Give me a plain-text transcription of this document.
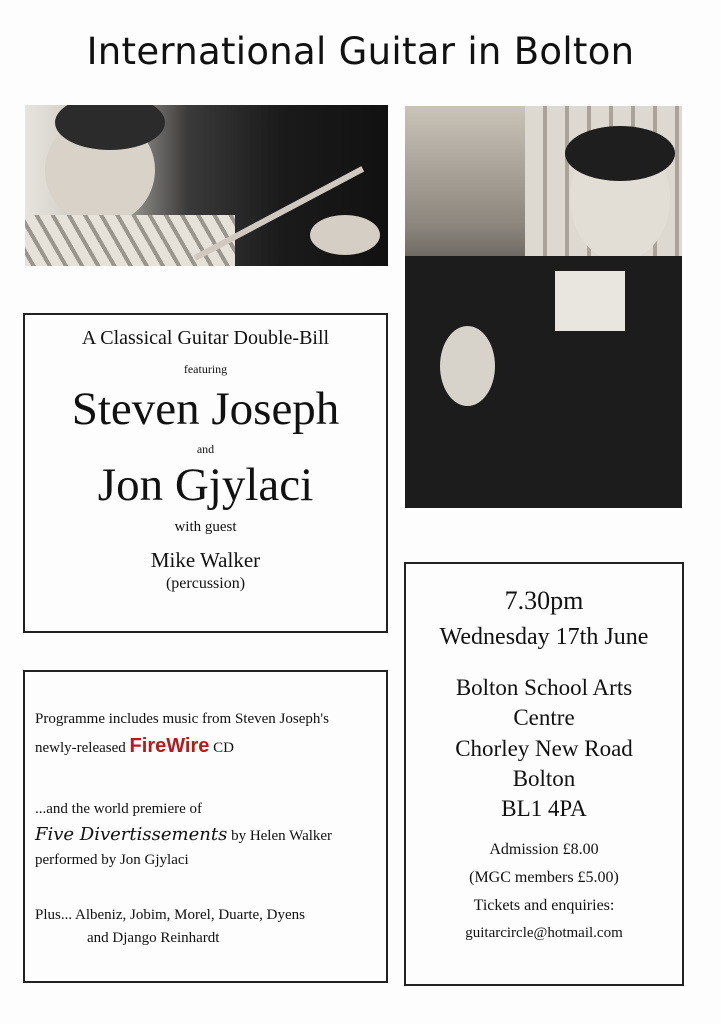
International Guitar in Bolton
A Classical Guitar Double-Bill
featuring
Steven Joseph
and
Jon Gjylaci
with guest
Mike Walker
(percussion)
Programme includes music from Steven Joseph's
newly-released FireWire CD
...and the world premiere of
Five Divertissements by Helen Walker
performed by Jon Gjylaci
Plus... Albeniz, Jobim, Morel, Duarte, Dyens
and Django Reinhardt
7.30pm
Wednesday 17th June
Bolton School Arts
Centre
Chorley New Road
Bolton
BL1 4PA
Admission £8.00
(MGC members £5.00)
Tickets and enquiries:
guitarcircle@hotmail.com
